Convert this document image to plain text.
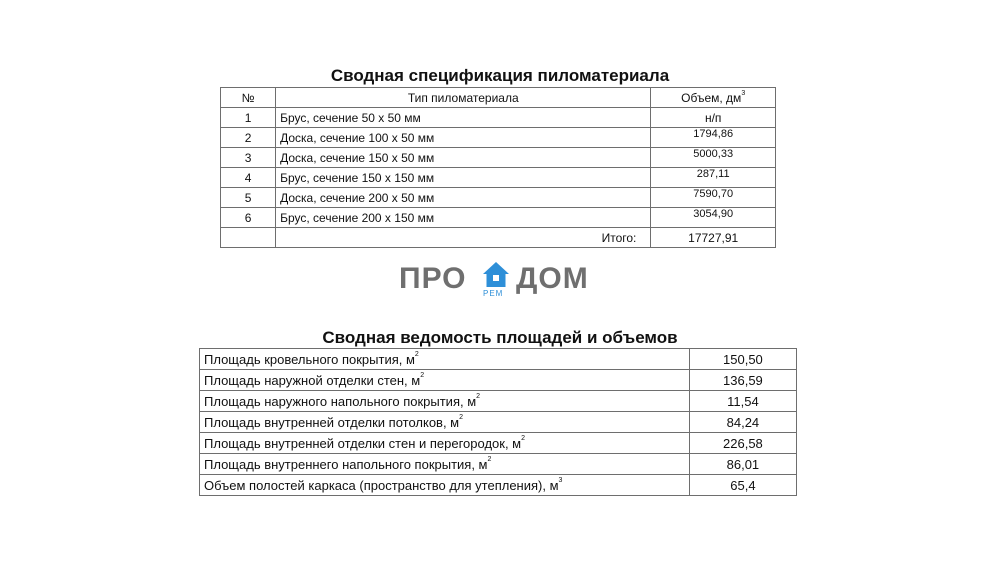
Сводная спецификация пиломатериала
№	Тип пиломатериала	Объем, $дм^3$
1	Брус, сечение 50 х 50 мм	н/п
2	Доска, сечение 100 х 50 мм	1794,86
3	Доска, сечение 150 х 50 мм	5000,33
4	Брус, сечение 150 х 150 мм	287,11
5	Доска, сечение 200 х 50 мм	7590,70
6	Брус, сечение 200 х 150 мм	3054,90
	Итого:	17727,91
ПРО РЕМ ДОМ
Сводная ведомость площадей и объемов
Площадь кровельного покрытия, $м^2$	150,50
Площадь наружной отделки стен, $м^2$	136,59
Площадь наружного напольного покрытия, $м^2$	11,54
Площадь внутренней отделки потолков, $м^2$	84,24
Площадь внутренней отделки стен и перегородок, $м^2$	226,58
Площадь внутреннего напольного покрытия, $м^2$	86,01
Объем полостей каркаса (пространство для утепления), $м^3$	65,4
